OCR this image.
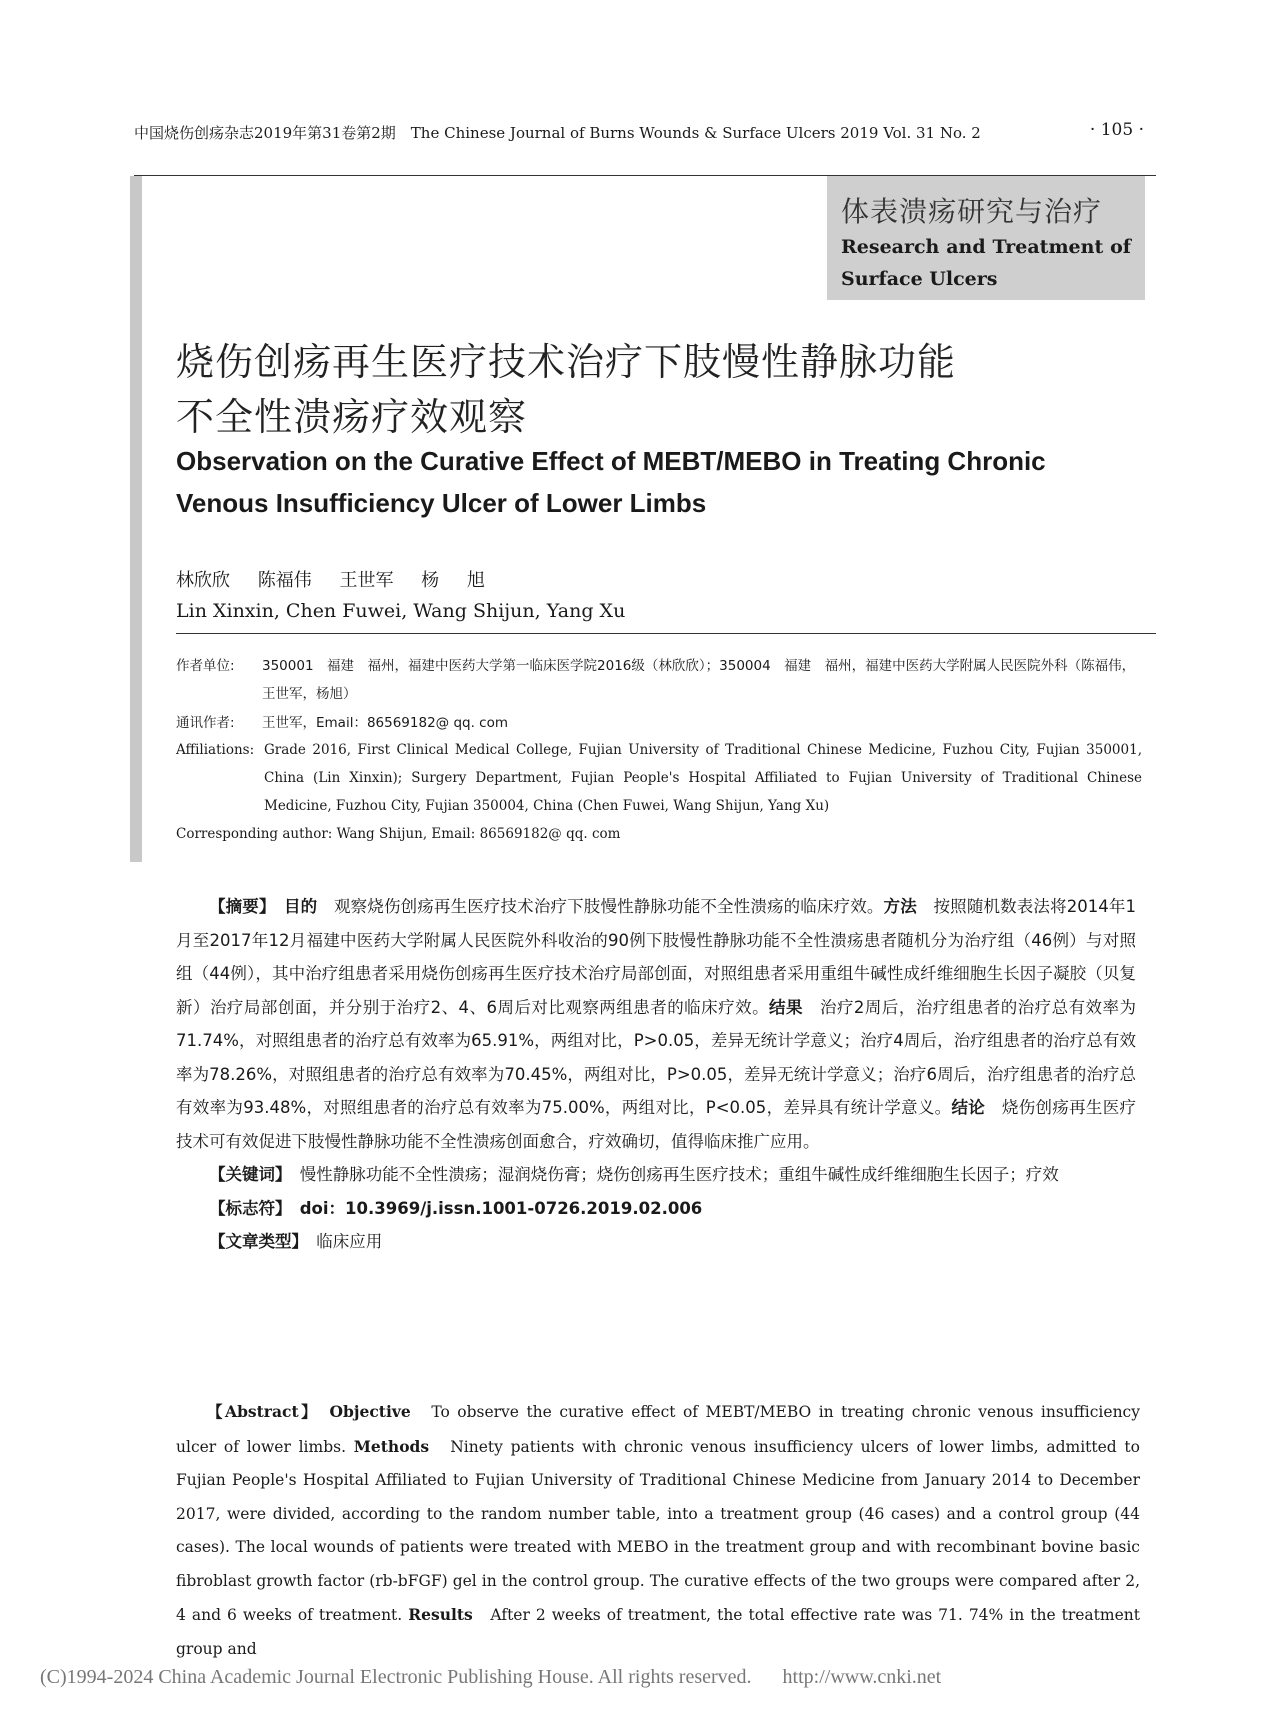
中国烧伤创疡杂志2019年第31卷第2期　The Chinese Journal of Burns Wounds & Surface Ulcers 2019 Vol. 31 No. 2	· 105 ·
体表溃疡研究与治疗
Research and Treatment of
Surface Ulcers
烧伤创疡再生医疗技术治疗下肢慢性静脉功能
不全性溃疡疗效观察
Observation on the Curative Effect of MEBT/MEBO in Treating Chronic
Venous Insufficiency Ulcer of Lower Limbs
林欣欣 陈福伟 王世军 杨 旭
Lin Xinxin, Chen Fuwei, Wang Shijun, Yang Xu
作者单位: 350001　福建　福州，福建中医药大学第一临床医学院2016级（林欣欣）；350004　福建　福州，福建中医药大学附属人民医院外科（陈福伟，王世军，杨旭）
通讯作者: 王世军，Email：86569182@ qq. com
Affiliations: Grade 2016, First Clinical Medical College, Fujian University of Traditional Chinese Medicine, Fuzhou City, Fujian 350001, China (Lin Xinxin); Surgery Department, Fujian People's Hospital Affiliated to Fujian University of Traditional Chinese Medicine, Fuzhou City, Fujian 350004, China (Chen Fuwei, Wang Shijun, Yang Xu)
Corresponding author: Wang Shijun, Email: 86569182@ qq. com

【摘要】　 目的　 观察烧伤创疡再生医疗技术治疗下肢慢性静脉功能不全性溃疡的临床疗效。方法　 按照随机数表法将2014年1月至2017年12月福建中医药大学附属人民医院外科收治的90例下肢慢性静脉功能不全性溃疡患者随机分为治疗组（46例）与对照组（44例），其中治疗组患者采用烧伤创疡再生医疗技术治疗局部创面，对照组患者采用重组牛碱性成纤维细胞生长因子凝胶（贝复新）治疗局部创面，并分别于治疗2、4、6周后对比观察两组患者的临床疗效。结果　 治疗2周后，治疗组患者的治疗总有效率为71.74%，对照组患者的治疗总有效率为65.91%，两组对比，P>0.05，差异无统计学意义；治疗4周后，治疗组患者的治疗总有效率为78.26%，对照组患者的治疗总有效率为70.45%，两组对比，P>0.05，差异无统计学意义；治疗6周后，治疗组患者的治疗总有效率为93.48%，对照组患者的治疗总有效率为75.00%，两组对比，P<0.05，差异具有统计学意义。结论　 烧伤创疡再生医疗技术可有效促进下肢慢性静脉功能不全性溃疡创面愈合，疗效确切，值得临床推广应用。

【关键词】　 慢性静脉功能不全性溃疡；湿润烧伤膏；烧伤创疡再生医疗技术；重组牛碱性成纤维细胞生长因子；疗效

【标志符】　 doi：10.3969/j.issn.1001-0726.2019.02.006

【文章类型】　 临床应用

【Abstract】　 Objective　 To observe the curative effect of MEBT/MEBO in treating chronic venous insufficiency ulcer of lower limbs. Methods　 Ninety patients with chronic venous insufficiency ulcers of lower limbs, admitted to Fujian People's Hospital Affiliated to Fujian University of Traditional Chinese Medicine from January 2014 to December 2017, were divided, according to the random number table, into a treatment group (46 cases) and a control group (44 cases). The local wounds of patients were treated with MEBO in the treatment group and with recombinant bovine basic fibroblast growth factor (rb-bFGF) gel in the control group. The curative effects of the two groups were compared after 2, 4 and 6 weeks of treatment. Results　 After 2 weeks of treatment, the total effective rate was 71. 74% in the treatment group and

(C)1994-2024 China Academic Journal Electronic Publishing House. All rights reserved. http://www.cnki.net
